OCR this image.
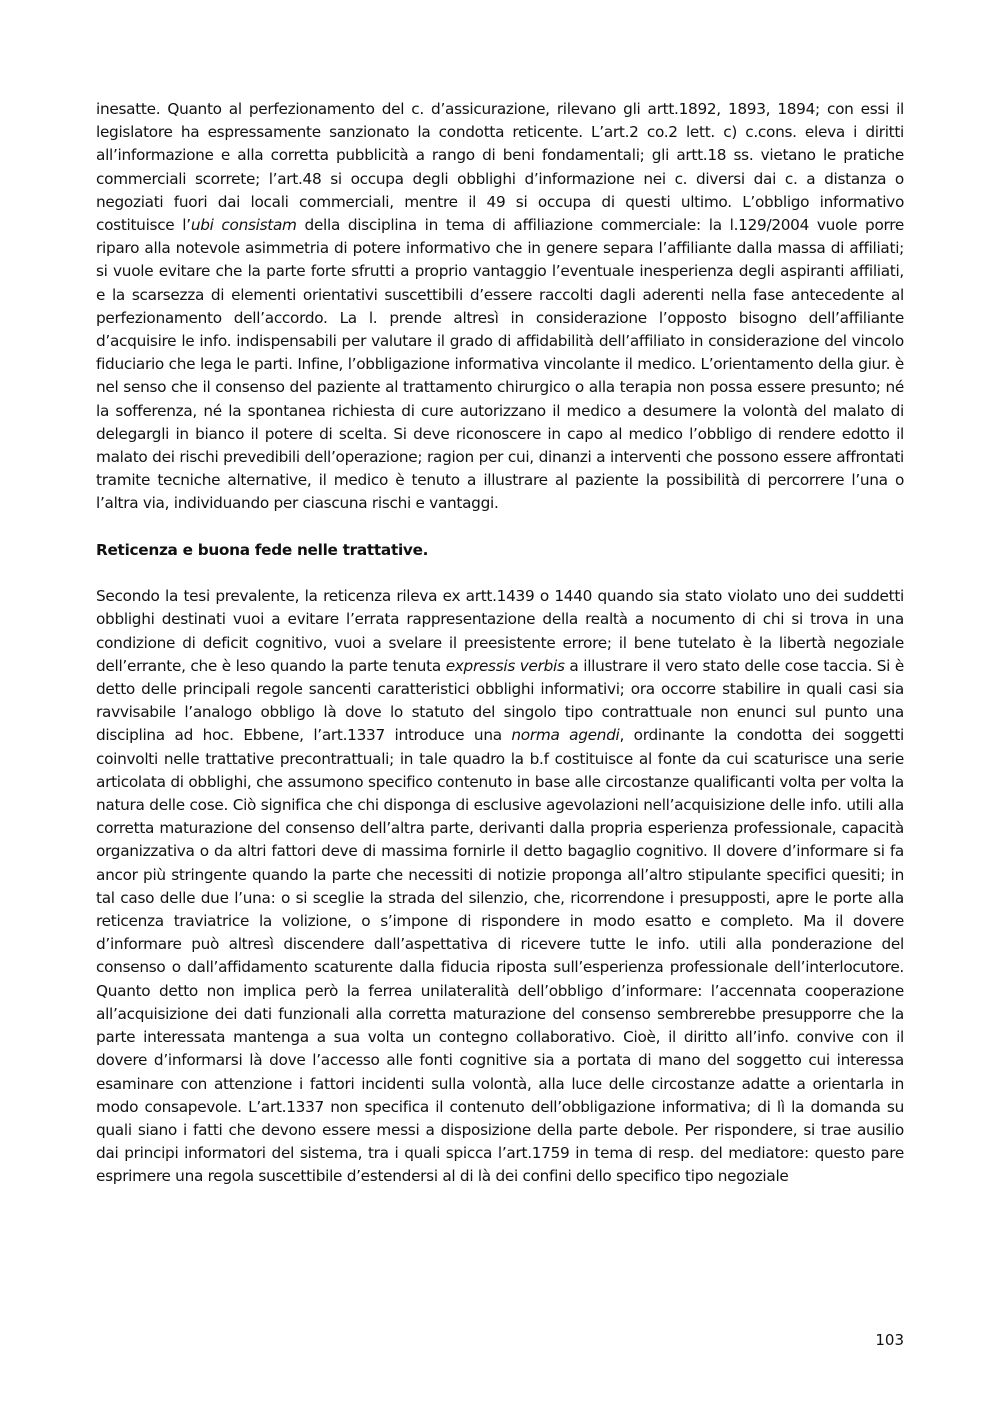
inesatte. Quanto al perfezionamento del c. d’assicurazione, rilevano gli artt.1892, 1893, 1894; con essi il legislatore ha espressamente sanzionato la condotta reticente. L’art.2 co.2 lett. c) c.cons. eleva i diritti all’informazione e alla corretta pubblicità a rango di beni fondamentali; gli artt.18 ss. vietano le pratiche commerciali scorrete; l’art.48 si occupa degli obblighi d’informazione nei c. diversi dai c. a distanza o negoziati fuori dai locali commerciali, mentre il 49 si occupa di questi ultimo. L’obbligo informativo costituisce l’ubi consistam della disciplina in tema di affiliazione commerciale: la l.129/2004 vuole porre riparo alla notevole asimmetria di potere informativo che in genere separa l’affiliante dalla massa di affiliati; si vuole evitare che la parte forte sfrutti a proprio vantaggio l’eventuale inesperienza degli aspiranti affiliati, e la scarsezza di elementi orientativi suscettibili d’essere raccolti dagli aderenti nella fase antecedente al perfezionamento dell’accordo. La l. prende altresì in considerazione l’opposto bisogno dell’affiliante d’acquisire le info. indispensabili per valutare il grado di affidabilità dell’affiliato in considerazione del vincolo fiduciario che lega le parti. Infine, l’obbligazione informativa vincolante il medico. L’orientamento della giur. è nel senso che il consenso del paziente al trattamento chirurgico o alla terapia non possa essere presunto; né la sofferenza, né la spontanea richiesta di cure autorizzano il medico a desumere la volontà del malato di delegargli in bianco il potere di scelta. Si deve riconoscere in capo al medico l’obbligo di rendere edotto il malato dei rischi prevedibili dell’operazione; ragion per cui, dinanzi a interventi che possono essere affrontati tramite tecniche alternative, il medico è tenuto a illustrare al paziente la possibilità di percorrere l’una o l’altra via, individuando per ciascuna rischi e vantaggi.

Reticenza e buona fede nelle trattative.

Secondo la tesi prevalente, la reticenza rileva ex artt.1439 o 1440 quando sia stato violato uno dei suddetti obblighi destinati vuoi a evitare l’errata rappresentazione della realtà a nocumento di chi si trova in una condizione di deficit cognitivo, vuoi a svelare il preesistente errore; il bene tutelato è la libertà negoziale dell’errante, che è leso quando la parte tenuta expressis verbis a illustrare il vero stato delle cose taccia. Si è detto delle principali regole sancenti caratteristici obblighi informativi; ora occorre stabilire in quali casi sia ravvisabile l’analogo obbligo là dove lo statuto del singolo tipo contrattuale non enunci sul punto una disciplina ad hoc. Ebbene, l’art.1337 introduce una norma agendi, ordinante la condotta dei soggetti coinvolti nelle trattative precontrattuali; in tale quadro la b.f costituisce al fonte da cui scaturisce una serie articolata di obblighi, che assumono specifico contenuto in base alle circostanze qualificanti volta per volta la natura delle cose. Ciò significa che chi disponga di esclusive agevolazioni nell’acquisizione delle info. utili alla corretta maturazione del consenso dell’altra parte, derivanti dalla propria esperienza professionale, capacità organizzativa o da altri fattori deve di massima fornirle il detto bagaglio cognitivo. Il dovere d’informare si fa ancor più stringente quando la parte che necessiti di notizie proponga all’altro stipulante specifici quesiti; in tal caso delle due l’una: o si sceglie la strada del silenzio, che, ricorrendone i presupposti, apre le porte alla reticenza traviatrice la volizione, o s’impone di rispondere in modo esatto e completo. Ma il dovere d’informare può altresì discendere dall’aspettativa di ricevere tutte le info. utili alla ponderazione del consenso o dall’affidamento scaturente dalla fiducia riposta sull’esperienza professionale dell’interlocutore. Quanto detto non implica però la ferrea unilateralità dell’obbligo d’informare: l’accennata cooperazione all’acquisizione dei dati funzionali alla corretta maturazione del consenso sembrerebbe presupporre che la parte interessata mantenga a sua volta un contegno collaborativo. Cioè, il diritto all’info. convive con il dovere d’informarsi là dove l’accesso alle fonti cognitive sia a portata di mano del soggetto cui interessa esaminare con attenzione i fattori incidenti sulla volontà, alla luce delle circostanze adatte a orientarla in modo consapevole. L’art.1337 non specifica il contenuto dell’obbligazione informativa; di lì la domanda su quali siano i fatti che devono essere messi a disposizione della parte debole. Per rispondere, si trae ausilio dai principi informatori del sistema, tra i quali spicca l’art.1759 in tema di resp. del mediatore: questo pare esprimere una regola suscettibile d’estendersi al di là dei confini dello specifico tipo negoziale

103
